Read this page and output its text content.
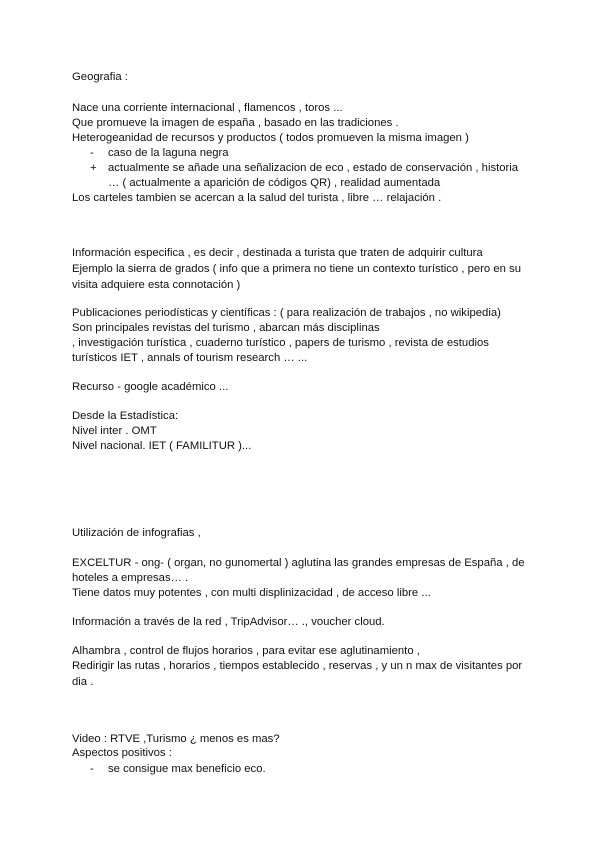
Geografia :
Nace una corriente internacional , flamencos , toros ...
Que promueve la imagen de españa , basado en las tradiciones .
Heterogeanidad de recursos y productos ( todos promueven la misma imagen )
- caso de la laguna negra
+ actualmente se añade una señalizacion de eco , estado de conservación , historia
… ( actualmente a aparición de códigos QR) , realidad aumentada
Los carteles tambien se acercan a la salud del turista , libre … relajación .
Información especifica , es decir , destinada a turista que traten de adquirir cultura
Ejemplo la sierra de grados ( info que a primera no tiene un contexto turístico , pero en su
visita adquiere esta connotación )
Publicaciones periodísticas y científicas : ( para realización de trabajos , no wikipedia)
Son principales revistas del turismo , abarcan más disciplinas
, investigación turística , cuaderno turístico , papers de turismo , revista de estudios
turísticos IET , annals of tourism research … ...
Recurso - google académico ...
Desde la Estadística:
Nivel inter . OMT
Nivel nacional. IET ( FAMILITUR )...
Utilización de infografias ,
EXCELTUR - ong- ( organ, no gunomertal ) aglutina las grandes empresas de España , de
hoteles a empresas… .
Tiene datos muy potentes , con multi displinizacidad , de acceso libre ...
Información a través de la red , TripAdvisor… ., voucher cloud.
Alhambra , control de flujos horarios , para evitar ese aglutinamiento ,
Redirigir las rutas , horarios , tiempos establecido , reservas , y un n max de visitantes por
dia .
Video : RTVE ,Turismo ¿ menos es mas?
Aspectos positivos :
- se consigue max beneficio eco.
